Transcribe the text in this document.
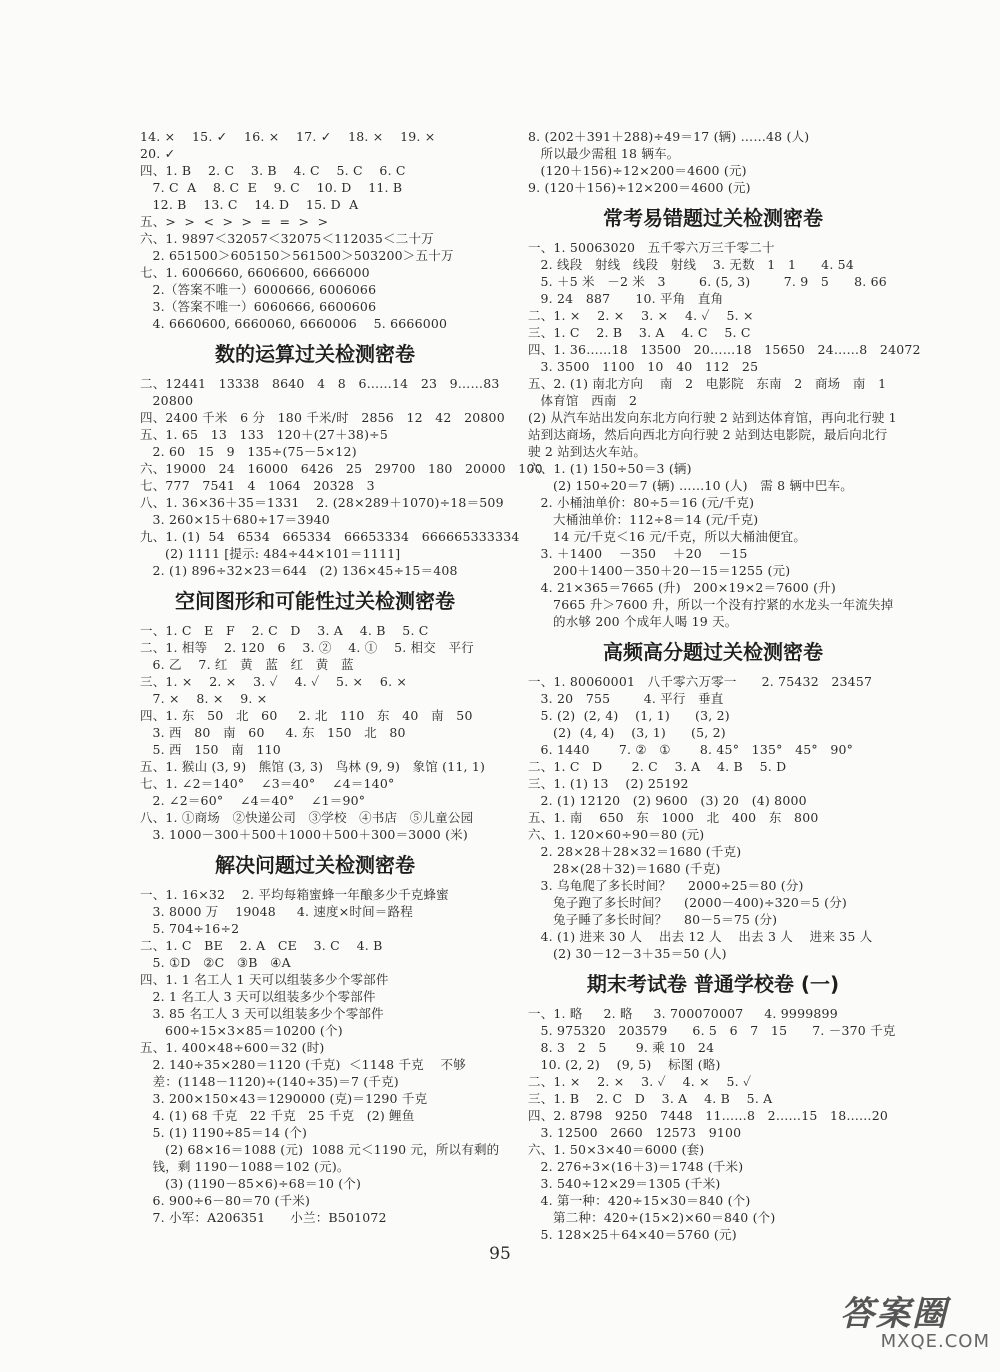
14. ×    15. ✓    16. ×    17. ✓    18. ×    19. ×
20. ✓
四、1. B    2. C    3. B    4. C    5. C    6. C
7. C  A    8. C  E    9. C    10. D    11. B
12. B    13. C    14. D    15. D  A
五、>  >  <  >  >  =  =  >  >
六、1. 9897＜32057＜32075＜112035＜二十万
2. 651500＞605150＞561500＞503200＞五十万
七、1. 6006660, 6606600, 6666000
2.（答案不唯一）6000666, 6006066
3.（答案不唯一）6060666, 6600606
4. 6660600, 6660060, 6660006    5. 6666000
数的运算过关检测密卷
二、12441   13338   8640   4   8   6……14   23   9……83
20800
四、2400 千米   6 分   180 千米/时   2856   12   42   20800
五、1. 65   13   133   120＋(27＋38)÷5
2. 60   15   9   135÷(75－5×12)
六、19000   24   16000   6426   25   29700   180   20000   100
七、777   7541   4   1064   20328   3
八、1. 36×36＋35＝1331    2. (28×289＋1070)÷18＝509
3. 260×15＋680÷17＝3940
九、1. (1)  54   6534   665334   66653334   666665333334
(2) 1111 [提示: 484÷44×101＝1111]
2. (1) 896÷32×23＝644   (2) 136×45÷15＝408
空间图形和可能性过关检测密卷
一、1. C   E   F    2. C   D    3. A    4. B    5. C
二、1. 相等    2. 120   6    3. ②    4. ①    5. 相交   平行
6. 乙    7. 红   黄   蓝   红   黄   蓝
三、1. ×    2. ×    3. ✓    4. ✓    5. ×    6. ×
7. ×    8. ×    9. ×
四、1. 东   50   北   60     2. 北   110   东   40   南   50
3. 西   80   南   60     4. 东   150   北   80
5. 西   150   南   110
五、1. 猴山 (3, 9)   熊馆 (3, 3)   鸟林 (9, 9)   象馆 (11, 1)
七、1. ∠2＝140°    ∠3＝40°    ∠4＝140°
2. ∠2＝60°    ∠4＝40°    ∠1＝90°
八、1. ①商场   ②快递公司   ③学校   ④书店   ⑤儿童公园
3. 1000－300＋500＋1000＋500＋300＝3000 (米)
解决问题过关检测密卷
一、1. 16×32    2. 平均每箱蜜蜂一年酿多少千克蜂蜜
3. 8000 万    19048     4. 速度×时间＝路程
5. 704÷16÷2
二、1. C   BE    2. A   CE    3. C    4. B
5. ①D   ②C   ③B   ④A
四、1. 1 名工人 1 天可以组装多少个零部件
2. 1 名工人 3 天可以组装多少个零部件
3. 85 名工人 3 天可以组装多少个零部件
600÷15×3×85＝10200 (个)
五、1. 400×48÷600＝32 (时)
2. 140÷35×280＝1120 (千克)  ＜1148 千克    不够
差：(1148－1120)÷(140÷35)＝7 (千克)
3. 200×150×43＝1290000 (克)＝1290 千克
4. (1) 68 千克   22 千克   25 千克   (2) 鲤鱼
5. (1) 1190÷85＝14 (个)
(2) 68×16＝1088 (元)  1088 元＜1190 元，所以有剩的
钱，剩 1190－1088＝102 (元)。
(3) (1190－85×6)÷68＝10 (个)
6. 900÷6－80＝70 (千米)
7. 小军：A206351      小兰：B501072
8. (202＋391＋288)÷49＝17 (辆) ……48 (人)
所以最少需租 18 辆车。
(120＋156)÷12×200＝4600 (元)
9. (120＋156)÷12×200＝4600 (元)
常考易错题过关检测密卷
一、1. 50063020   五千零六万三千零二十
2. 线段   射线   线段   射线    3. 无数   1   1      4. 54
5. ＋5 米   －2 米   3        6. (5, 3)        7. 9   5      8. 66
9. 24   887      10. 平角   直角
二、1. ×    2. ×    3. ×    4. ✓    5. ×
三、1. C    2. B    3. A    4. C    5. C
四、1. 36……18   13500   20……18   15650   24……8   24072
3. 3500   1100   10   40   112   25
五、2. (1) 南北方向    南   2   电影院   东南   2   商场   南   1
体育馆   西南   2
(2) 从汽车站出发向东北方向行驶 2 站到达体育馆，再向北行驶 1 站到达商场，然后向西北方向行驶 2 站到达电影院，最后向北行驶 2 站到达火车站。
六、1. (1) 150÷50＝3 (辆)
(2) 150÷20＝7 (辆) ……10 (人)   需 8 辆中巴车。
2. 小桶油单价：80÷5＝16 (元/千克)
大桶油单价：112÷8＝14 (元/千克)
14 元/千克＜16 元/千克，所以大桶油便宜。
3. ＋1400    －350    ＋20    －15
200＋1400－350＋20－15＝1255 (元)
4. 21×365＝7665 (升)   200×19×2＝7600 (升)
7665 升＞7600 升，所以一个没有拧紧的水龙头一年流失掉
的水够 200 个成年人喝 19 天。
高频高分题过关检测密卷
一、1. 80060001   八千零六万零一      2. 75432   23457
3. 20   755        4. 平行   垂直
5. (2)  (2, 4)    (1, 1)      (3, 2)
(2)  (4, 4)    (3, 1)      (5, 2)
6. 1440       7. ②   ①       8. 45°   135°   45°   90°
二、1. C   D       2. C    3. A    4. B    5. D
三、1. (1) 13    (2) 25192
2. (1) 12120   (2) 9600   (3) 20   (4) 8000
五、1. 南    650   东   1000   北   400   东   800
六、1. 120×60÷90＝80 (元)
2. 28×28＋28×32＝1680 (千克)
28×(28＋32)＝1680 (千克)
3. 乌龟爬了多长时间？    2000÷25＝80 (分)
兔子跑了多长时间？    (2000－400)÷320＝5 (分)
兔子睡了多长时间？    80－5＝75 (分)
4. (1) 进来 30 人    出去 12 人    出去 3 人    进来 35 人
(2) 30－12－3＋35＝50 (人)
期末考试卷 普通学校卷 (一)
一、1. 略     2. 略     3. 700070007     4. 9999899
5. 975320   203579      6. 5   6   7   15      7. －370 千克
8. 3   2   5       9. 乘 10   24
10. (2, 2)    (9, 5)    标图 (略)
二、1. ×    2. ×    3. ✓    4. ×    5. ✓
三、1. B    2. C   D    3. A    4. B    5. A
四、2. 8798   9250   7448   11……8   2……15   18……20
3. 12500   2660   12573   9100
六、1. 50×3×40＝6000 (套)
2. 276÷3×(16＋3)＝1748 (千米)
3. 540÷12×29＝1305 (千米)
4. 第一种：420÷15×30＝840 (个)
第二种：420÷(15×2)×60＝840 (个)
5. 128×25＋64×40＝5760 (元)
95
答案圈
MXQE.COM
